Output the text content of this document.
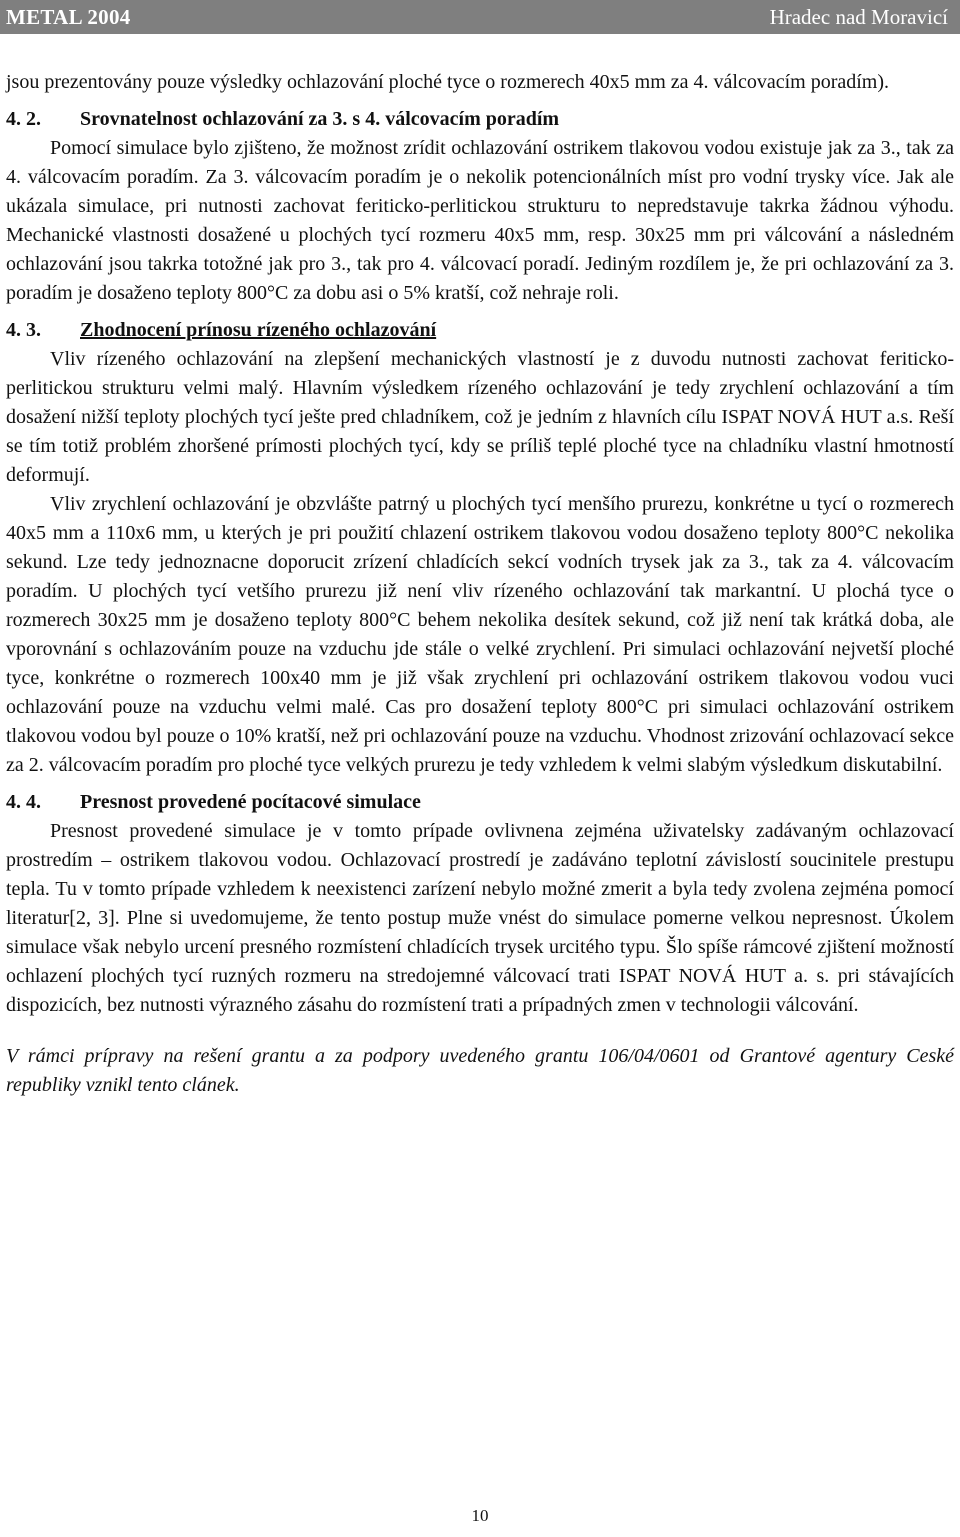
METAL 2004	Hradec nad Moravicí

jsou prezentovány pouze výsledky ochlazování ploché tyce o rozmerech 40x5 mm za 4. válcovacím poradím).

4. 2.	Srovnatelnost ochlazování za 3. s 4. válcovacím poradím

Pomocí simulace bylo zjišteno, že možnost zrídit ochlazování ostrikem tlakovou vodou existuje jak za 3., tak za 4. válcovacím poradím. Za 3. válcovacím poradím je o nekolik potencionálních míst pro vodní trysky více. Jak ale ukázala simulace, pri nutnosti zachovat feriticko-perlitickou strukturu to nepredstavuje takrka žádnou výhodu. Mechanické vlastnosti dosažené u plochých tycí rozmeru 40x5 mm, resp. 30x25 mm pri válcování a následném ochlazování jsou takrka totožné jak pro 3., tak pro 4. válcovací poradí. Jediným rozdílem je, že pri ochlazování za 3. poradím je dosaženo teploty 800°C za dobu asi o 5% kratší, což nehraje roli.

4. 3.	Zhodnocení prínosu rízeného ochlazování

Vliv rízeného ochlazování na zlepšení mechanických vlastností je z duvodu nutnosti zachovat feriticko-perlitickou strukturu velmi malý. Hlavním výsledkem rízeného ochlazování je tedy zrychlení ochlazování a tím dosažení nižší teploty plochých tycí ješte pred chladníkem, což je jedním z hlavních cílu ISPAT NOVÁ HUT a.s. Reší se tím totiž problém zhoršené prímosti plochých tycí, kdy se príliš teplé ploché tyce na chladníku vlastní hmotností deformují.

Vliv zrychlení ochlazování je obzvlášte patrný u plochých tycí menšího prurezu, konkrétne u tycí o rozmerech 40x5 mm a 110x6 mm, u kterých je pri použití chlazení ostrikem tlakovou vodou dosaženo teploty 800°C nekolika sekund. Lze tedy jednoznacne doporucit zrízení chladících sekcí vodních trysek jak za 3., tak za 4. válcovacím poradím. U plochých tycí vetšího prurezu již není vliv rízeného ochlazování tak markantní. U plochá tyce o rozmerech 30x25 mm je dosaženo teploty 800°C behem nekolika desítek sekund, což již není tak krátká doba, ale vporovnání s ochlazováním pouze na vzduchu jde stále o velké zrychlení. Pri simulaci ochlazování nejvetší ploché tyce, konkrétne o rozmerech 100x40 mm je již však zrychlení pri ochlazování ostrikem tlakovou vodou vuci ochlazování pouze na vzduchu velmi malé. Cas pro dosažení teploty 800°C pri simulaci ochlazování ostrikem tlakovou vodou byl pouze o 10% kratší, než pri ochlazování pouze na vzduchu. Vhodnost zrizování ochlazovací sekce za 2. válcovacím poradím pro ploché tyce velkých prurezu je tedy vzhledem k velmi slabým výsledkum diskutabilní.

4. 4.	Presnost provedené pocítacové simulace

Presnost provedené simulace je v tomto prípade ovlivnena zejména uživatelsky zadávaným ochlazovací prostredím – ostrikem tlakovou vodou. Ochlazovací prostredí je zadáváno teplotní závislostí soucinitele prestupu tepla. Tu v tomto prípade vzhledem k neexistenci zarízení nebylo možné zmerit a byla tedy zvolena zejména pomocí literatur[2, 3]. Plne si uvedomujeme, že tento postup muže vnést do simulace pomerne velkou nepresnost. Úkolem simulace však nebylo urcení presného rozmístení chladících trysek urcitého typu. Šlo spíše rámcové zjištení možností ochlazení plochých tycí ruzných rozmeru na stredojemné válcovací trati ISPAT NOVÁ HUT a. s. pri stávajících dispozicích, bez nutnosti výrazného zásahu do rozmístení trati a prípadných zmen v technologii válcování.

V rámci prípravy na rešení grantu a za podpory uvedeného grantu 106/04/0601 od Grantové agentury Ceské republiky vznikl tento clánek.

10
